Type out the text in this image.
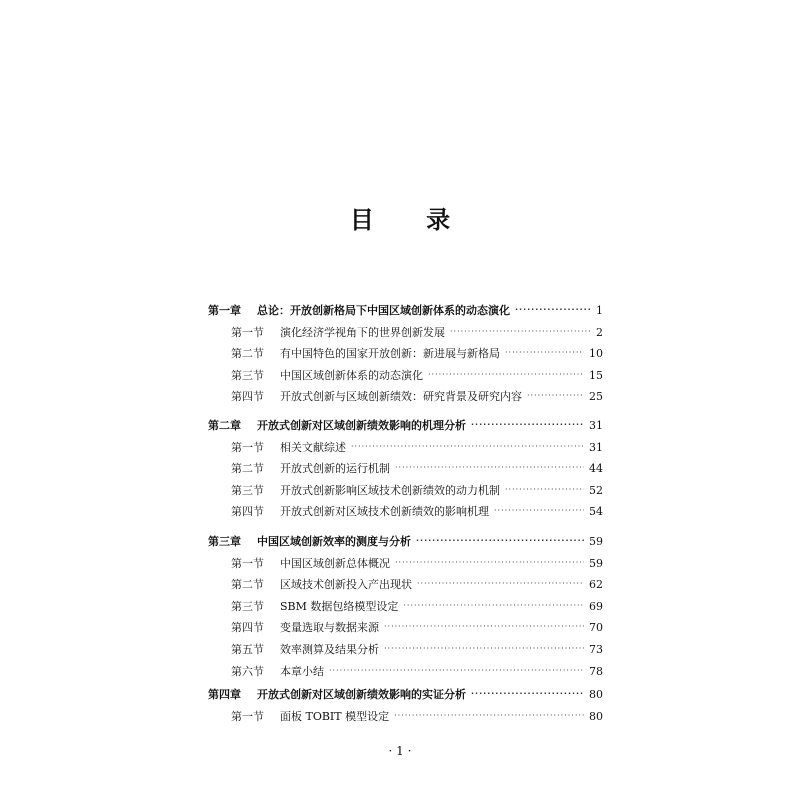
目 录
第一章	总论：开放创新格局下中国区域创新体系的动态演化 ·····	1
第一节	演化经济学视角下的世界创新发展 ·····	2
第二节	有中国特色的国家开放创新：新进展与新格局 ·····	10
第三节	中国区域创新体系的动态演化 ·····	15
第四节	开放式创新与区域创新绩效：研究背景及研究内容 ·····	25
第二章	开放式创新对区域创新绩效影响的机理分析 ·····	31
第一节	相关文献综述 ·····	31
第二节	开放式创新的运行机制 ·····	44
第三节	开放式创新影响区域技术创新绩效的动力机制 ·····	52
第四节	开放式创新对区域技术创新绩效的影响机理 ·····	54
第三章	中国区域创新效率的测度与分析 ·····	59
第一节	中国区域创新总体概况 ·····	59
第二节	区域技术创新投入产出现状 ·····	62
第三节	SBM 数据包络模型设定 ·····	69
第四节	变量选取与数据来源 ·····	70
第五节	效率测算及结果分析 ·····	73
第六节	本章小结 ·····	78
第四章	开放式创新对区域创新绩效影响的实证分析 ·····	80
第一节	面板 TOBIT 模型设定 ·····	80
· 1 ·
